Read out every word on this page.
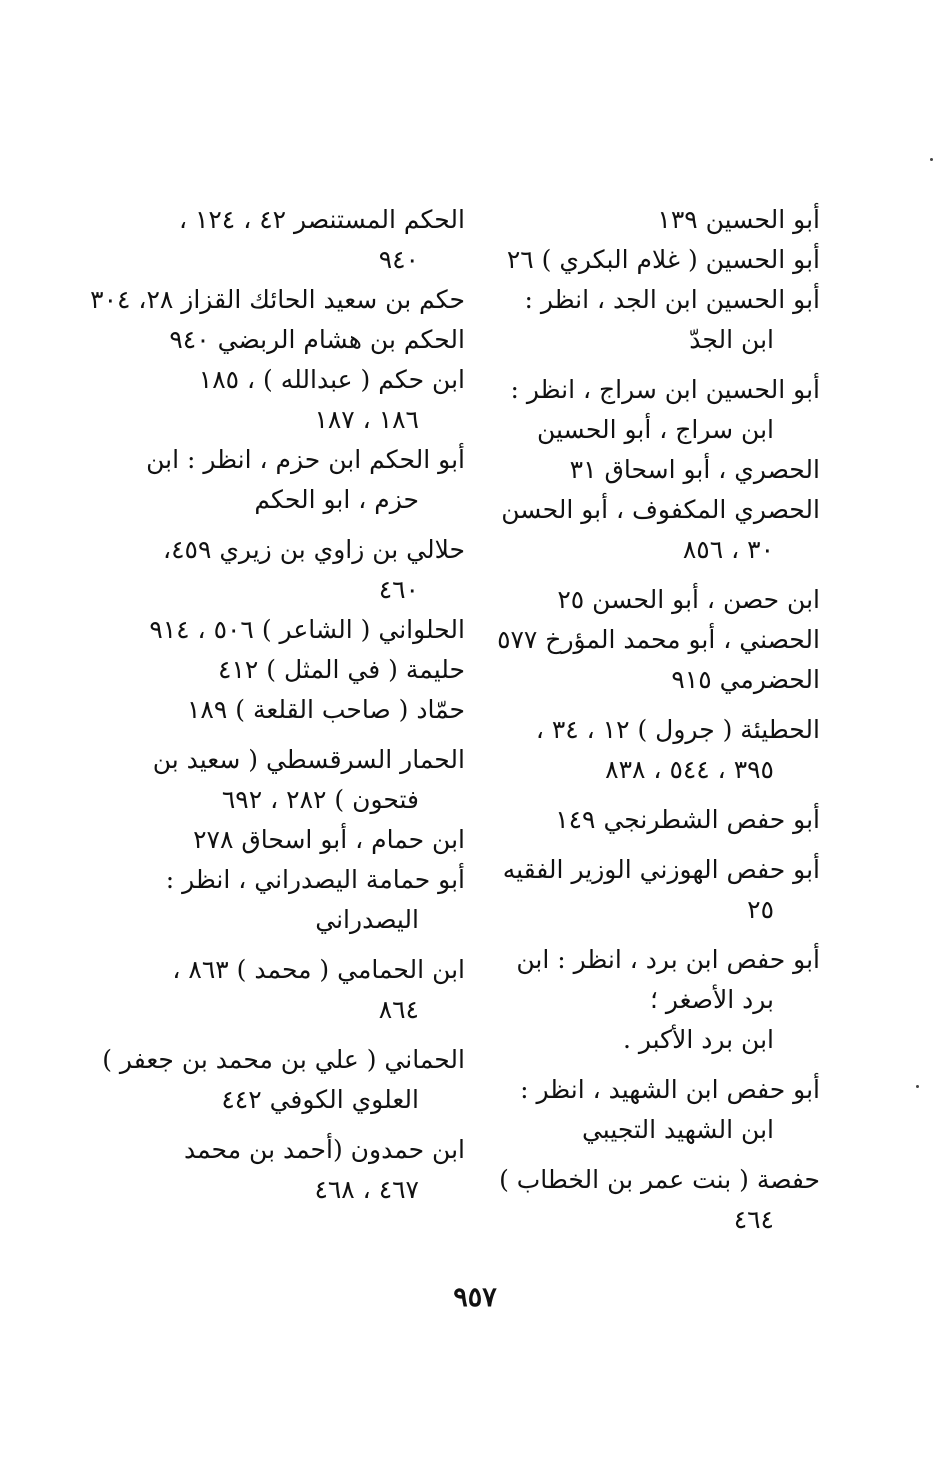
أبو الحسين ١٣٩
أبو الحسين ( غلام البكري ) ٢٦
أبو الحسين ابن الجد ، انظر :
ابن الجدّ
أبو الحسين ابن سراج ، انظر :
ابن سراج ، أبو الحسين
الحصري ، أبو اسحاق ٣١
الحصري المكفوف ، أبو الحسن
٣٠ ، ٨٥٦
ابن حصن ، أبو الحسن ٢٥
الحصني ، أبو محمد المؤرخ ٥٧٧
الحضرمي ٩١٥
الحطيئة ( جرول ) ١٢ ، ٣٤ ،
٣٩٥ ، ٥٤٤ ، ٨٣٨
أبو حفص الشطرنجي ١٤٩
أبو حفص الهوزني الوزير الفقيه
٢٥
أبو حفص ابن برد ، انظر : ابن
برد الأصغر ؛
ابن برد الأكبر .
أبو حفص ابن الشهيد ، انظر :
ابن الشهيد التجيبي
حفصة ( بنت عمر بن الخطاب )
٤٦٤
الحكم المستنصر ٤٢ ، ١٢٤ ،
٩٤٠
حكم بن سعيد الحائك القزاز ٢٨، ٣٠٤
الحكم بن هشام الربضي ٩٤٠
ابن حكم ( عبدالله ) ، ١٨٥
١٨٦ ، ١٨٧
أبو الحكم ابن حزم ، انظر : ابن
حزم ، ابو الحكم
حلالي بن زاوي بن زيري ٤٥٩،
٤٦٠
الحلواني ( الشاعر ) ٥٠٦ ، ٩١٤
حليمة ( في المثل ) ٤١٢
حمّاد ( صاحب القلعة ) ١٨٩
الحمار السرقسطي ( سعيد بن
فتحون ) ٢٨٢ ، ٦٩٢
ابن حمام ، أبو اسحاق ٢٧٨
أبو حمامة اليصدراني ، انظر :
اليصدراني
ابن الحمامي ( محمد ) ٨٦٣ ،
٨٦٤
الحماني ( علي بن محمد بن جعفر )
العلوي الكوفي ٤٤٢
ابن حمدون (أحمد بن محمد
٤٦٧ ، ٤٦٨
٩٥٧
